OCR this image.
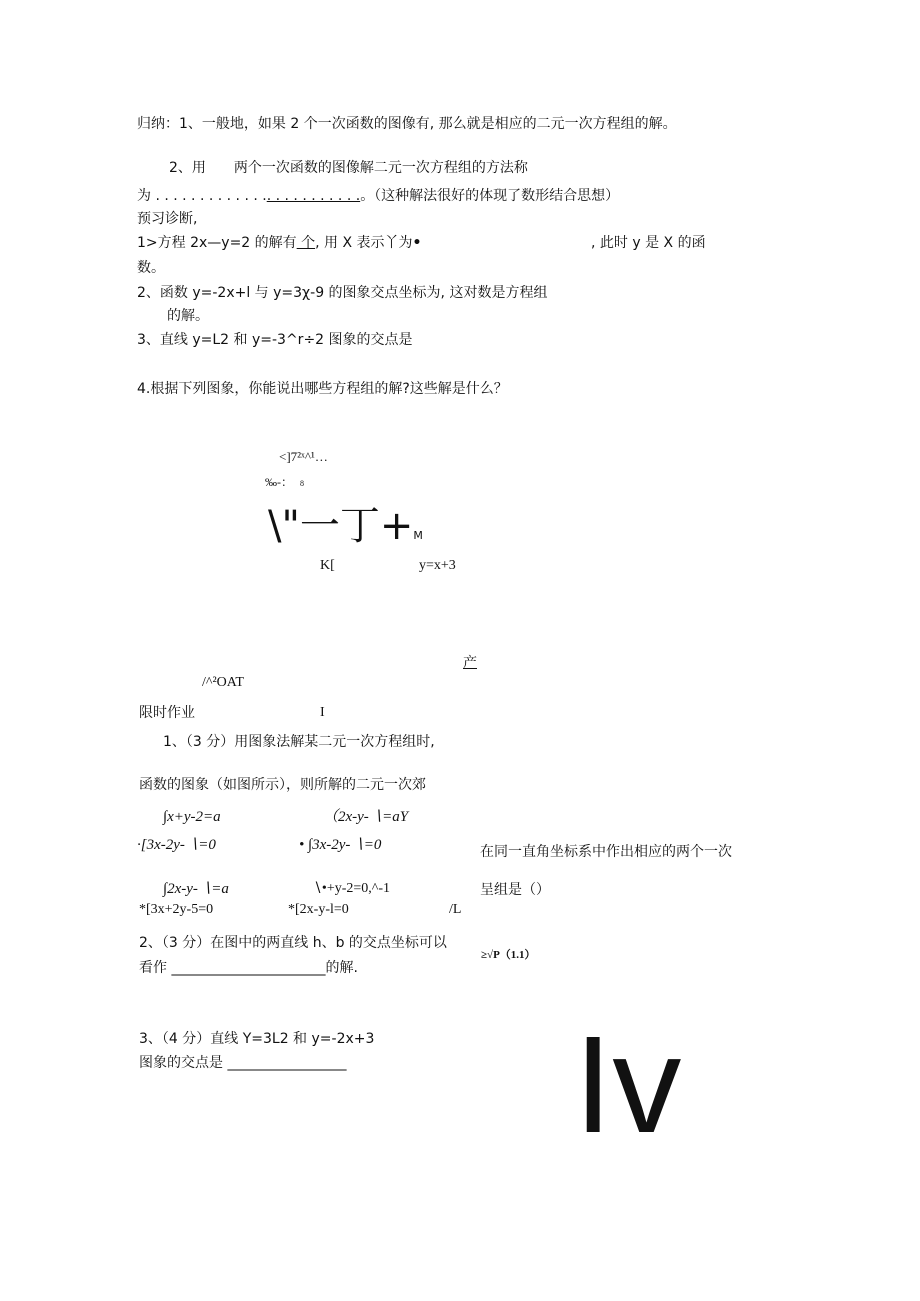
归纳：1、一般地，如果 2 个一次函数的图像有, 那么就是相应的二元一次方程组的解。
2、用　　两个一次函数的图像解二元一次方程组的方法称
为 . . . . . . . . . . . . .. . . . . . . . . . .。（这种解法很好的体现了数形结合思想）
预习诊断,
1>方程 2x—y=2 的解有 个, 用 X 表示丫为•	, 此时 y 是 X 的函
数。
2、函数 y=-2x+l 与 y=3χ-9 的图象交点坐标为, 这对数是方程组
的解。
3、直线 y=L2 和 y=-3^r÷2 图象的交点是
4.根据下列图象，你能说出哪些方程组的解?这些解是什么？
<]7²ˣ^¹…
‰-： 8
\"一丁+M
K[	y=x+3
产
/^²OAT
限时作业	I
1、（3 分）用图象法解某二元一次方程组时,
函数的图象（如图所示），则所解的二元一次郊
∫x+y-2=a	（2x-y- ∖=aY
·[3x-2y- ∖=0	• ∫3x-2y- ∖=0	在同一直角坐标系中作出相应的两个一次
∫2x-y- ∖=a	∖•+y-2=0,^-1	呈组是（）
*[3x+2y-5=0	*[2x-y-l=0	/L
2、（3 分）在图中的两直线 h、b 的交点坐标可以
≥√P（1.1）
看作 ______________________的解.
3、（4 分）直线 Y=3L2 和 y=-2x+3
图象的交点是 _________________ Iv
